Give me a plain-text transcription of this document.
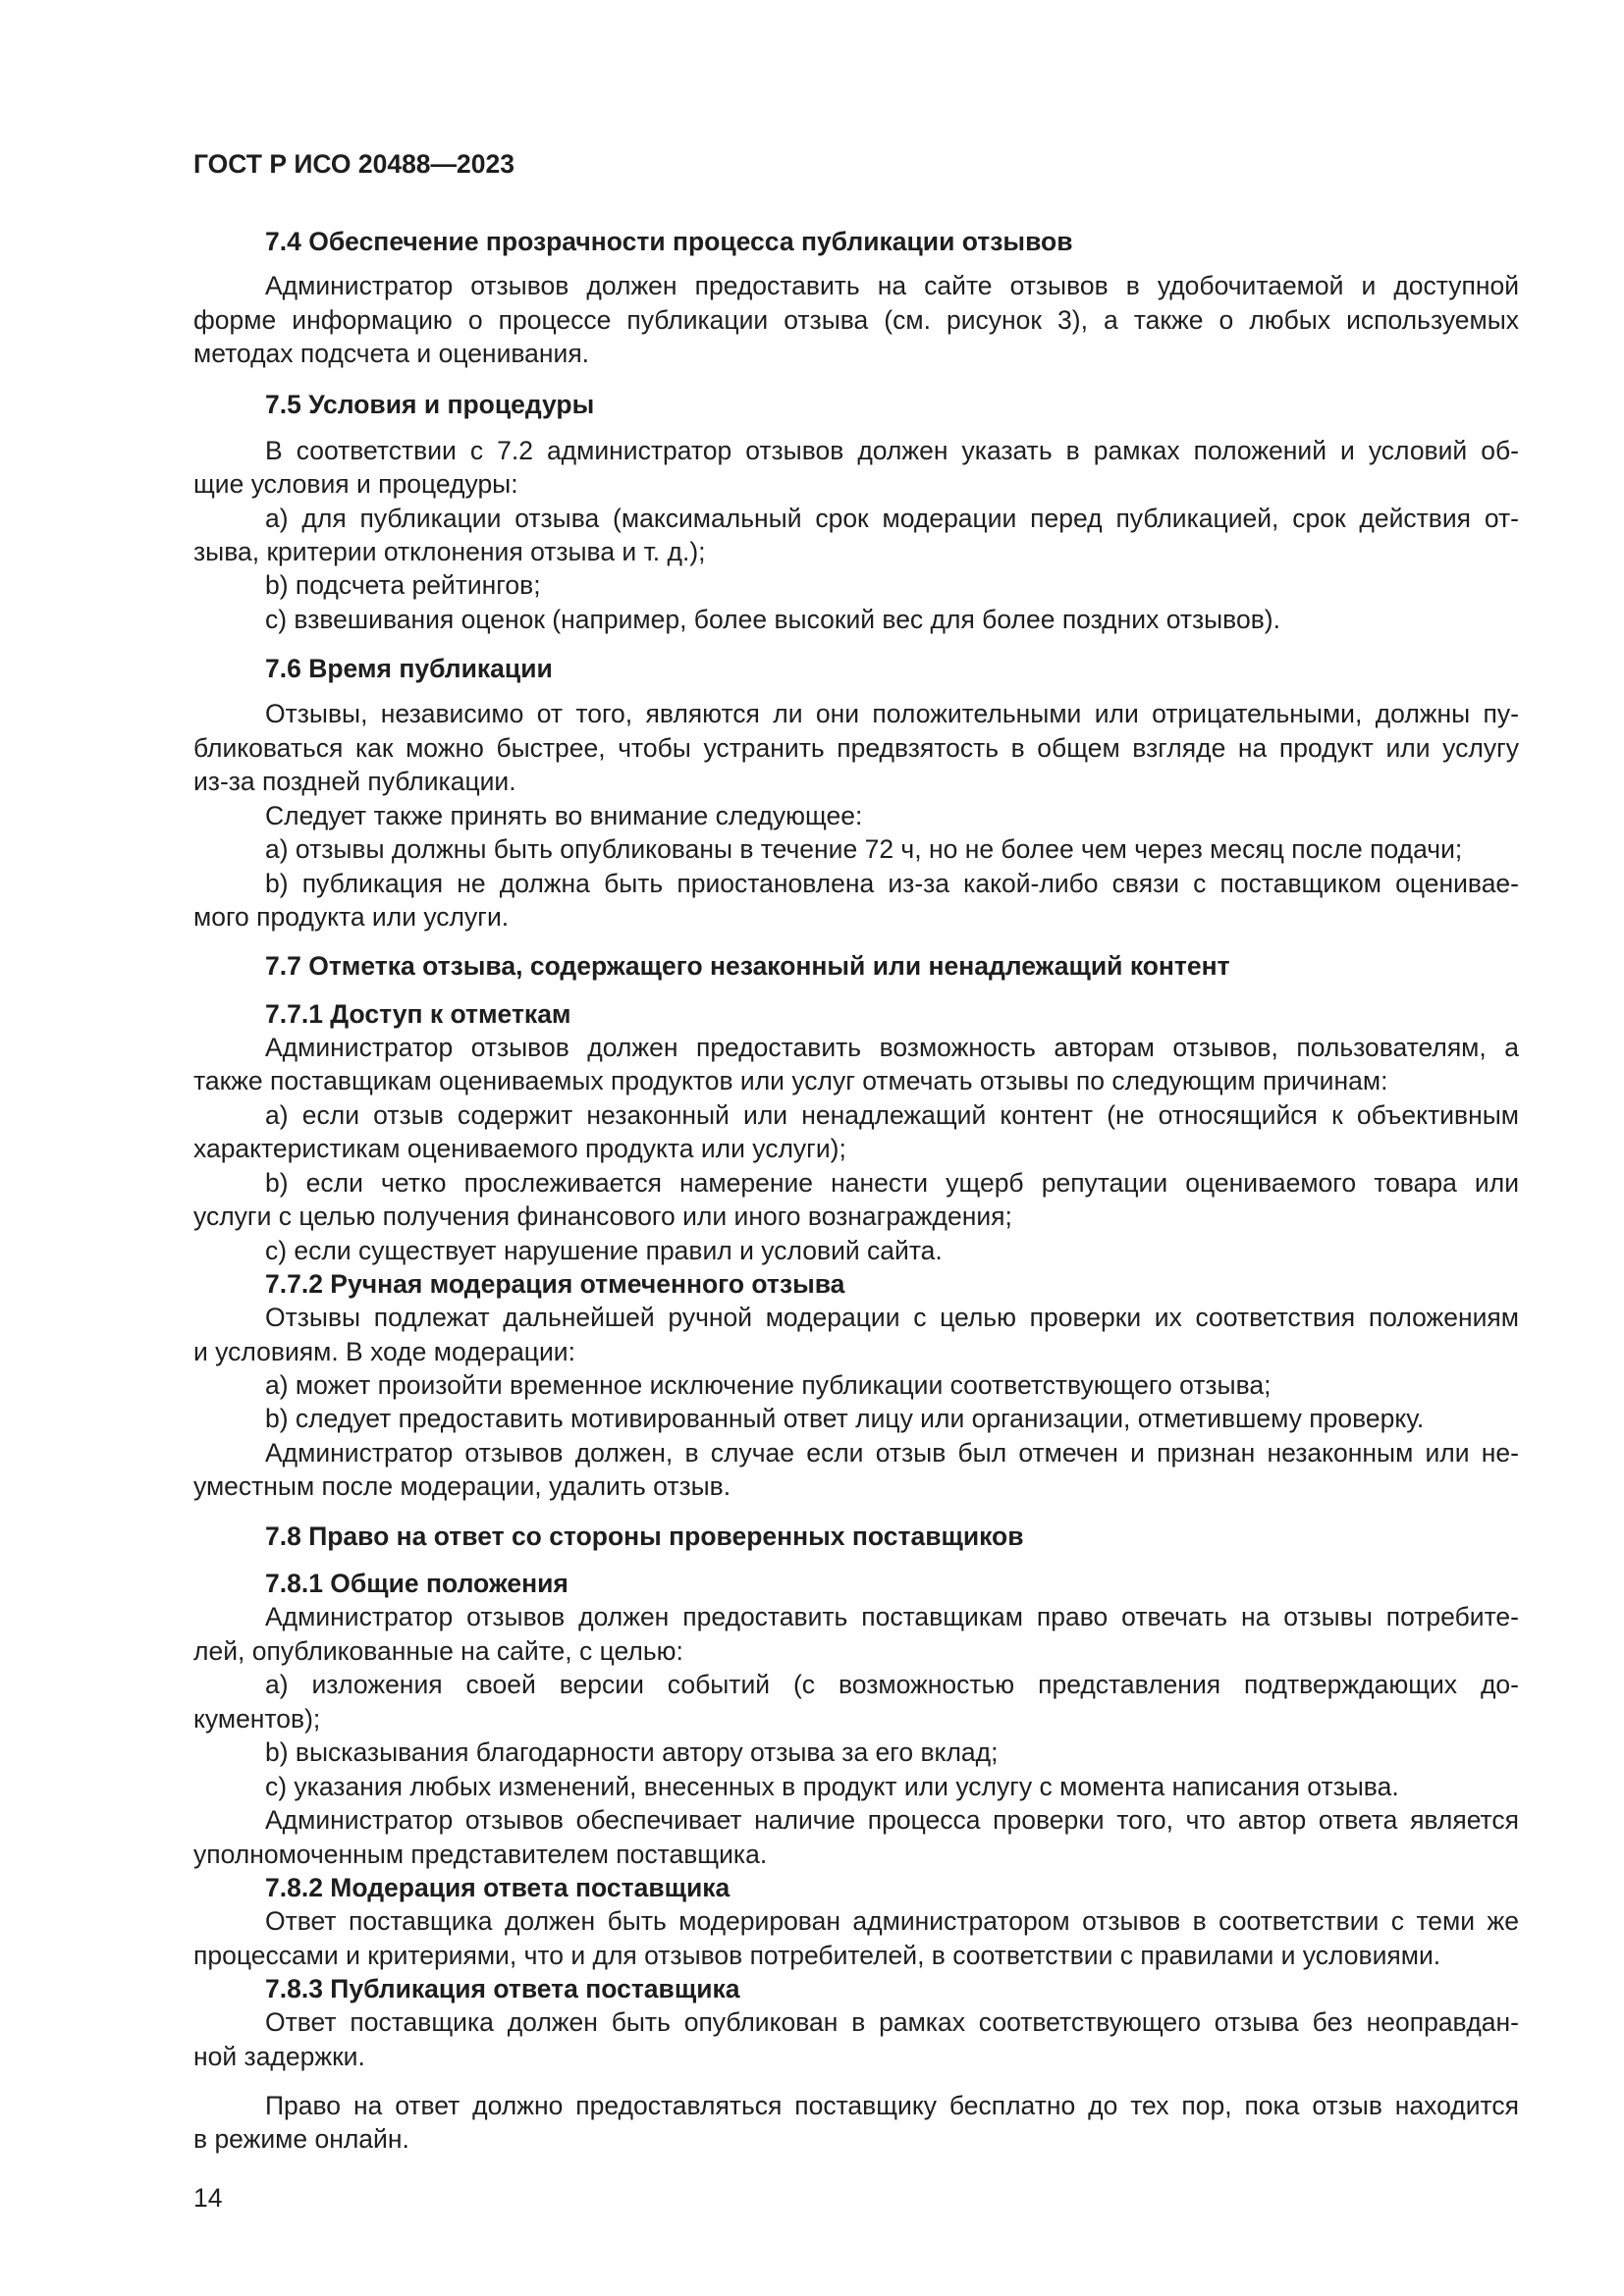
ГОСТ Р ИСО 20488—2023
7.4 Обеспечение прозрачности процесса публикации отзывов
Администратор отзывов должен предоставить на сайте отзывов в удобочитаемой и доступной
форме информацию о процессе публикации отзыва (см. рисунок 3), а также о любых используемых
методах подсчета и оценивания.
7.5 Условия и процедуры
В соответствии с 7.2 администратор отзывов должен указать в рамках положений и условий об-
щие условия и процедуры:
a) для публикации отзыва (максимальный срок модерации перед публикацией, срок действия от-
зыва, критерии отклонения отзыва и т. д.);
b) подсчета рейтингов;
c) взвешивания оценок (например, более высокий вес для более поздних отзывов).
7.6 Время публикации
Отзывы, независимо от того, являются ли они положительными или отрицательными, должны пу-
бликоваться как можно быстрее, чтобы устранить предвзятость в общем взгляде на продукт или услугу
из-за поздней публикации.
Следует также принять во внимание следующее:
a) отзывы должны быть опубликованы в течение 72 ч, но не более чем через месяц после подачи;
b) публикация не должна быть приостановлена из-за какой-либо связи с поставщиком оценивае-
мого продукта или услуги.
7.7 Отметка отзыва, содержащего незаконный или ненадлежащий контент
7.7.1 Доступ к отметкам
Администратор отзывов должен предоставить возможность авторам отзывов, пользователям, а
также поставщикам оцениваемых продуктов или услуг отмечать отзывы по следующим причинам:
a) если отзыв содержит незаконный или ненадлежащий контент (не относящийся к объективным
характеристикам оцениваемого продукта или услуги);
b) если четко прослеживается намерение нанести ущерб репутации оцениваемого товара или
услуги с целью получения финансового или иного вознаграждения;
c) если существует нарушение правил и условий сайта.
7.7.2 Ручная модерация отмеченного отзыва
Отзывы подлежат дальнейшей ручной модерации с целью проверки их соответствия положениям
и условиям. В ходе модерации:
a) может произойти временное исключение публикации соответствующего отзыва;
b) следует предоставить мотивированный ответ лицу или организации, отметившему проверку.
Администратор отзывов должен, в случае если отзыв был отмечен и признан незаконным или не-
уместным после модерации, удалить отзыв.
7.8 Право на ответ со стороны проверенных поставщиков
7.8.1 Общие положения
Администратор отзывов должен предоставить поставщикам право отвечать на отзывы потребите-
лей, опубликованные на сайте, с целью:
a) изложения своей версии событий (с возможностью представления подтверждающих до-
кументов);
b) высказывания благодарности автору отзыва за его вклад;
c) указания любых изменений, внесенных в продукт или услугу с момента написания отзыва.
Администратор отзывов обеспечивает наличие процесса проверки того, что автор ответа является
уполномоченным представителем поставщика.
7.8.2 Модерация ответа поставщика
Ответ поставщика должен быть модерирован администратором отзывов в соответствии с теми же
процессами и критериями, что и для отзывов потребителей, в соответствии с правилами и условиями.
7.8.3 Публикация ответа поставщика
Ответ поставщика должен быть опубликован в рамках соответствующего отзыва без неоправдан-
ной задержки.
Право на ответ должно предоставляться поставщику бесплатно до тех пор, пока отзыв находится
в режиме онлайн.
14
